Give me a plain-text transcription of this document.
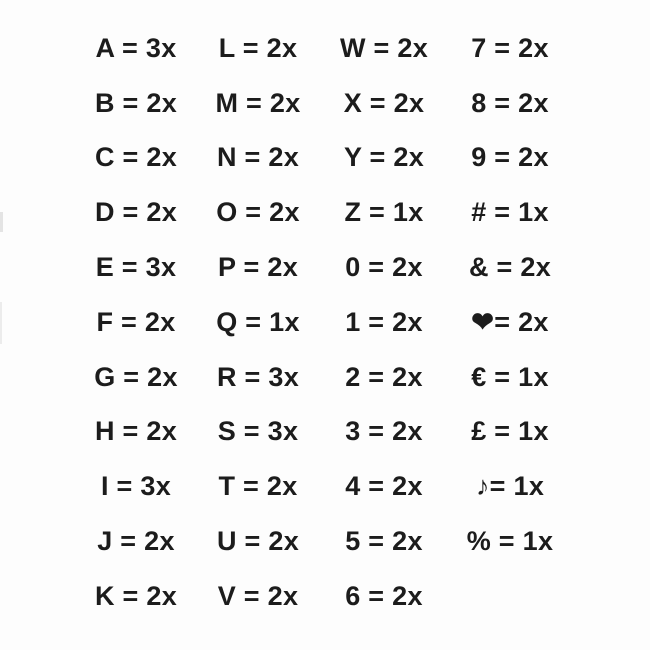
A = 3x
B = 2x
C = 2x
D = 2x
E = 3x
F = 2x
G = 2x
H = 2x
I = 3x
J = 2x
K = 2x
L = 2x
M = 2x
N = 2x
O = 2x
P = 2x
Q = 1x
R = 3x
S = 3x
T = 2x
U = 2x
V = 2x
W = 2x
X = 2x
Y = 2x
Z = 1x
0 = 2x
1 = 2x
2 = 2x
3 = 2x
4 = 2x
5 = 2x
6 = 2x
7 = 2x
8 = 2x
9 = 2x
# = 1x
& = 2x
❤= 2x
€ = 1x
£ = 1x
♪= 1x
% = 1x
